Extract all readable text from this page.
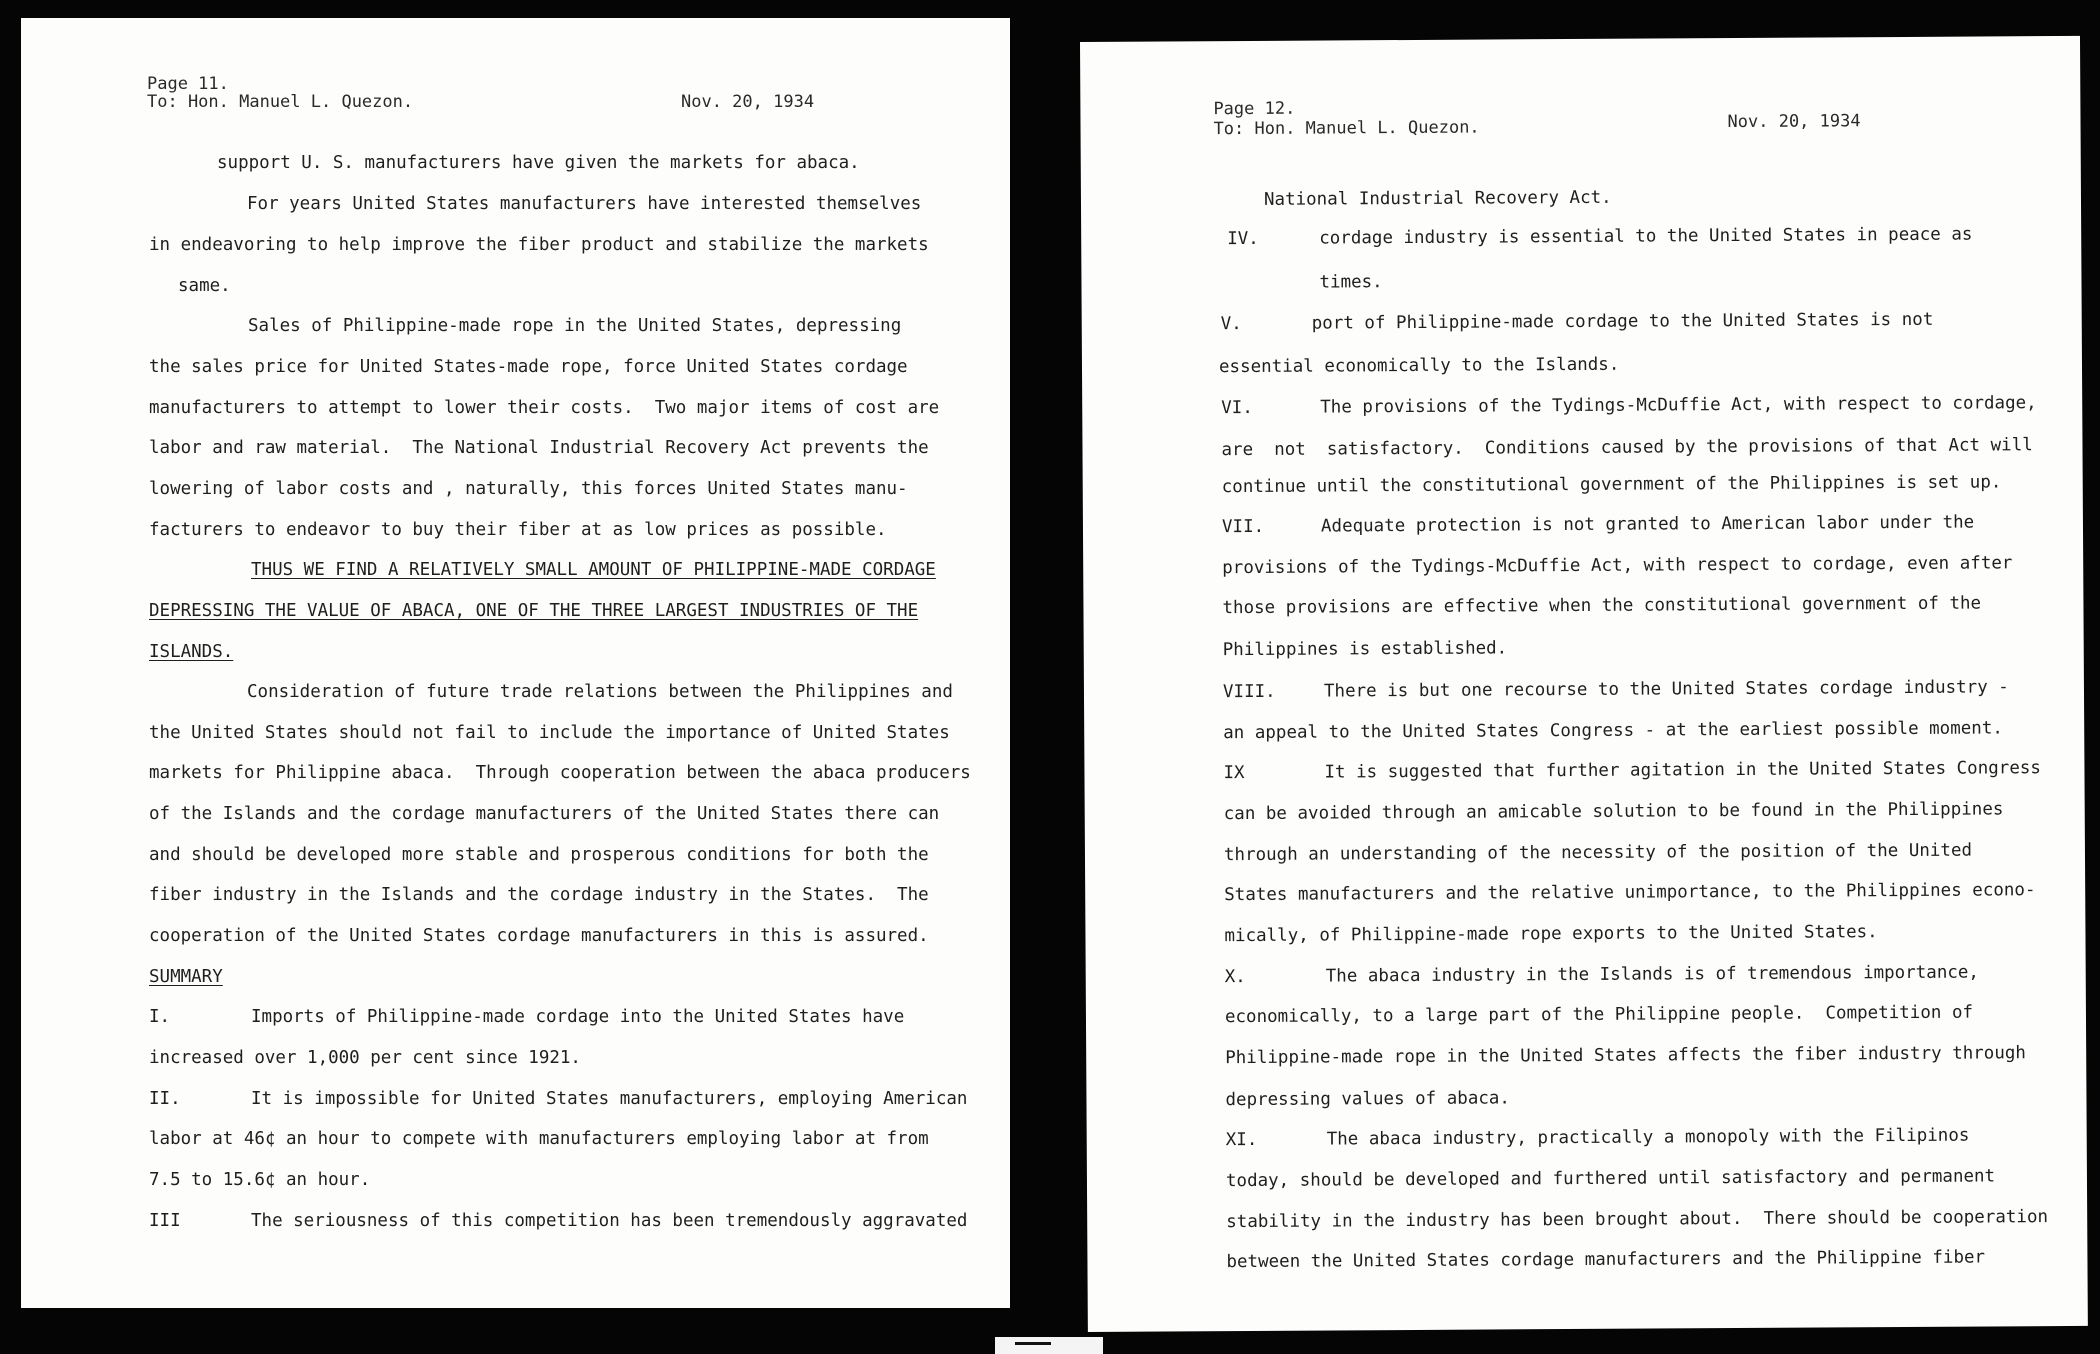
Page 11.
To: Hon. Manuel L. Quezon.	Nov. 20, 1934
support U. S. manufacturers have given the markets for abaca.
For years United States manufacturers have interested themselves
in endeavoring to help improve the fiber product and stabilize the markets
same.
Sales of Philippine-made rope in the United States, depressing
the sales price for United States-made rope, force United States cordage
manufacturers to attempt to lower their costs.  Two major items of cost are
labor and raw material.  The National Industrial Recovery Act prevents the
lowering of labor costs and , naturally, this forces United States manu-
facturers to endeavor to buy their fiber at as low prices as possible.
THUS WE FIND A RELATIVELY SMALL AMOUNT OF PHILIPPINE-MADE CORDAGE
DEPRESSING THE VALUE OF ABACA, ONE OF THE THREE LARGEST INDUSTRIES OF THE
ISLANDS.
Consideration of future trade relations between the Philippines and
the United States should not fail to include the importance of United States
markets for Philippine abaca.  Through cooperation between the abaca producers
of the Islands and the cordage manufacturers of the United States there can
and should be developed more stable and prosperous conditions for both the
fiber industry in the Islands and the cordage industry in the States.  The
cooperation of the United States cordage manufacturers in this is assured.
SUMMARY
I.	Imports of Philippine-made cordage into the United States have
increased over 1,000 per cent since 1921.
II.	It is impossible for United States manufacturers, employing American
labor at 46¢ an hour to compete with manufacturers employing labor at from
7.5 to 15.6¢ an hour.
III	The seriousness of this competition has been tremendously aggravated
Page 12.
To: Hon. Manuel L. Quezon.	Nov. 20, 1934
National Industrial Recovery Act.
IV.	cordage industry is essential to the United States in peace as
times.
V.	port of Philippine-made cordage to the United States is not
essential economically to the Islands.
VI.	The provisions of the Tydings-McDuffie Act, with respect to cordage,
are  not  satisfactory.  Conditions caused by the provisions of that Act will
continue until the constitutional government of the Philippines is set up.
VII.	Adequate protection is not granted to American labor under the
provisions of the Tydings-McDuffie Act, with respect to cordage, even after
those provisions are effective when the constitutional government of the
Philippines is established.
VIII.	There is but one recourse to the United States cordage industry -
an appeal to the United States Congress - at the earliest possible moment.
IX	It is suggested that further agitation in the United States Congress
can be avoided through an amicable solution to be found in the Philippines
through an understanding of the necessity of the position of the United
States manufacturers and the relative unimportance, to the Philippines econo-
mically, of Philippine-made rope exports to the United States.
X.	The abaca industry in the Islands is of tremendous importance,
economically, to a large part of the Philippine people.  Competition of
Philippine-made rope in the United States affects the fiber industry through
depressing values of abaca.
XI.	The abaca industry, practically a monopoly with the Filipinos
today, should be developed and furthered until satisfactory and permanent
stability in the industry has been brought about.  There should be cooperation
between the United States cordage manufacturers and the Philippine fiber
